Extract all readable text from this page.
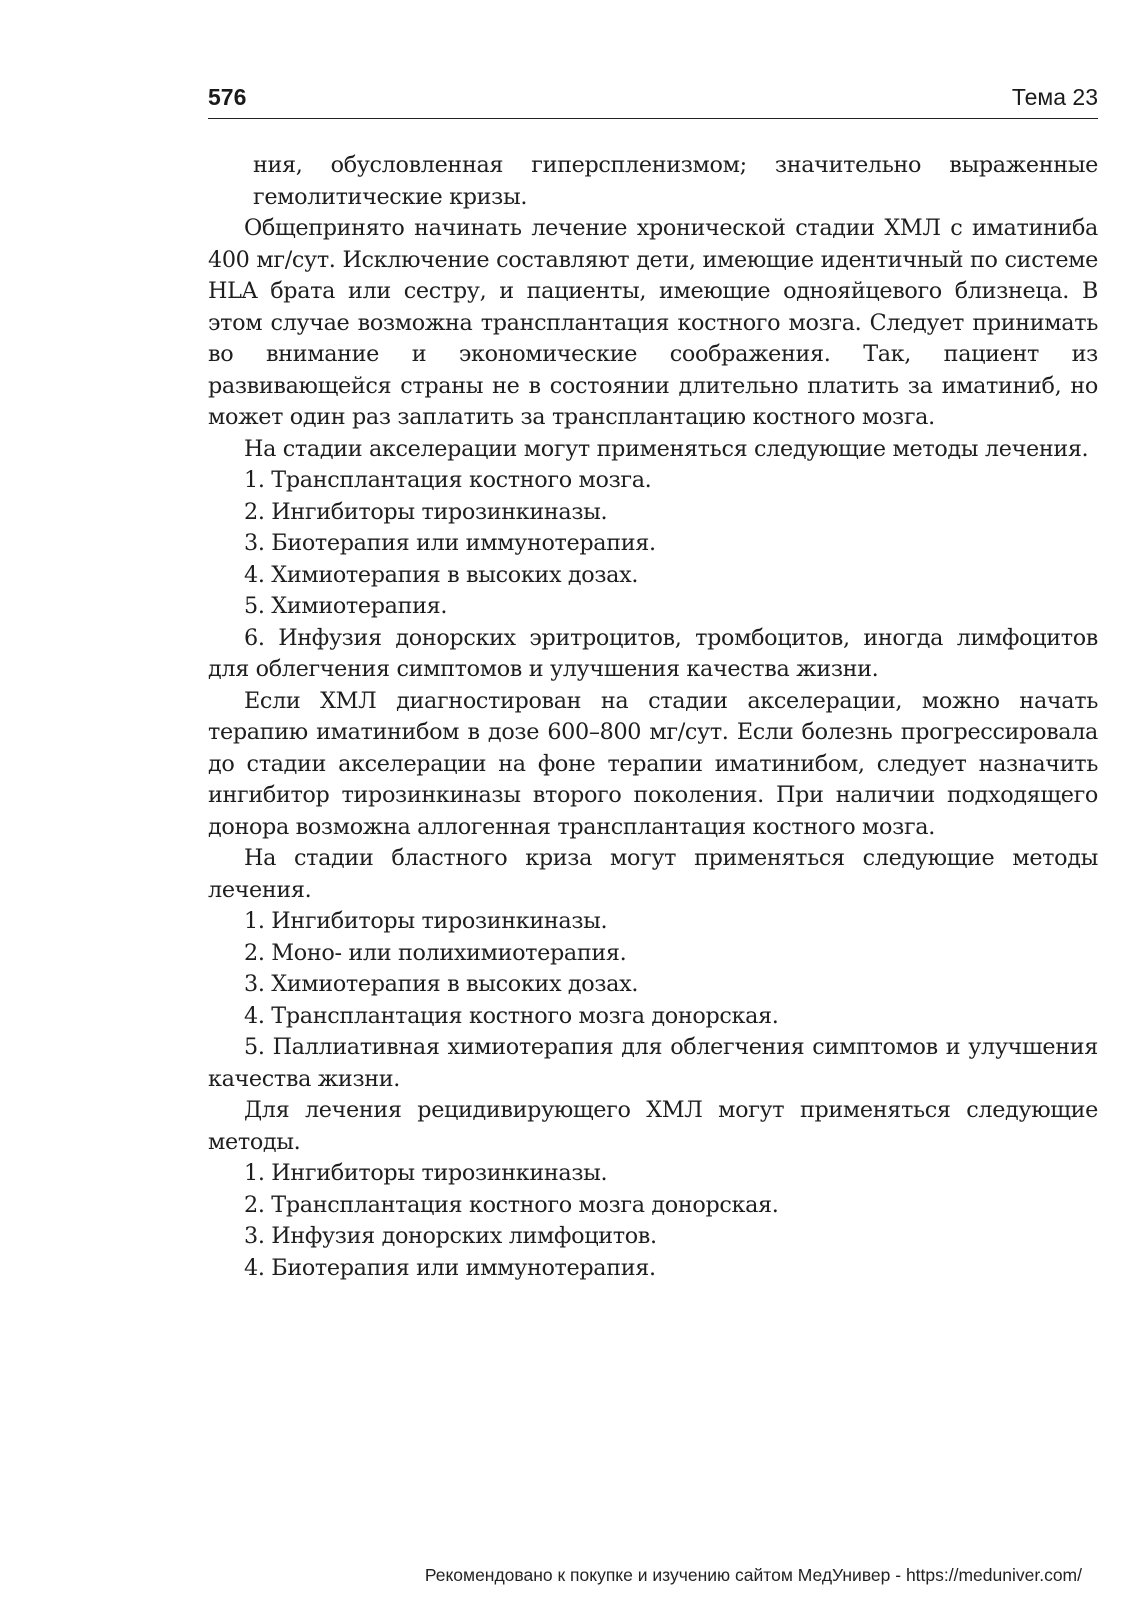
576	Тема 23

ния, обусловленная гиперспленизмом; значительно выраженные гемолитические кризы.

Общепринято начинать лечение хронической стадии ХМЛ с иматиниба 400 мг/сут. Исключение составляют дети, имеющие идентичный по системе HLA брата или сестру, и пациенты, имеющие однояйцевого близнеца. В этом случае возможна трансплантация костного мозга. Следует принимать во внимание и экономические соображения. Так, пациент из развивающейся страны не в состоянии длительно платить за иматиниб, но может один раз заплатить за трансплантацию костного мозга.

На стадии акселерации могут применяться следующие методы лечения.

1. Трансплантация костного мозга.

2. Ингибиторы тирозинкиназы.

3. Биотерапия или иммунотерапия.

4. Химиотерапия в высоких дозах.

5. Химиотерапия.

6. Инфузия донорских эритроцитов, тромбоцитов, иногда лимфоцитов для облегчения симптомов и улучшения качества жизни.

Если ХМЛ диагностирован на стадии акселерации, можно начать терапию иматинибом в дозе 600–800 мг/сут. Если болезнь прогрессировала до стадии акселерации на фоне терапии иматинибом, следует назначить ингибитор тирозинкиназы второго поколения. При наличии подходящего донора возможна аллогенная трансплантация костного мозга.

На стадии бластного криза могут применяться следующие методы лечения.

1. Ингибиторы тирозинкиназы.

2. Моно- или полихимиотерапия.

3. Химиотерапия в высоких дозах.

4. Трансплантация костного мозга донорская.

5. Паллиативная химиотерапия для облегчения симптомов и улучшения качества жизни.

Для лечения рецидивирующего ХМЛ могут применяться следующие методы.

1. Ингибиторы тирозинкиназы.

2. Трансплантация костного мозга донорская.

3. Инфузия донорских лимфоцитов.

4. Биотерапия или иммунотерапия.

Рекомендовано к покупке и изучению сайтом МедУнивер - https://meduniver.com/
